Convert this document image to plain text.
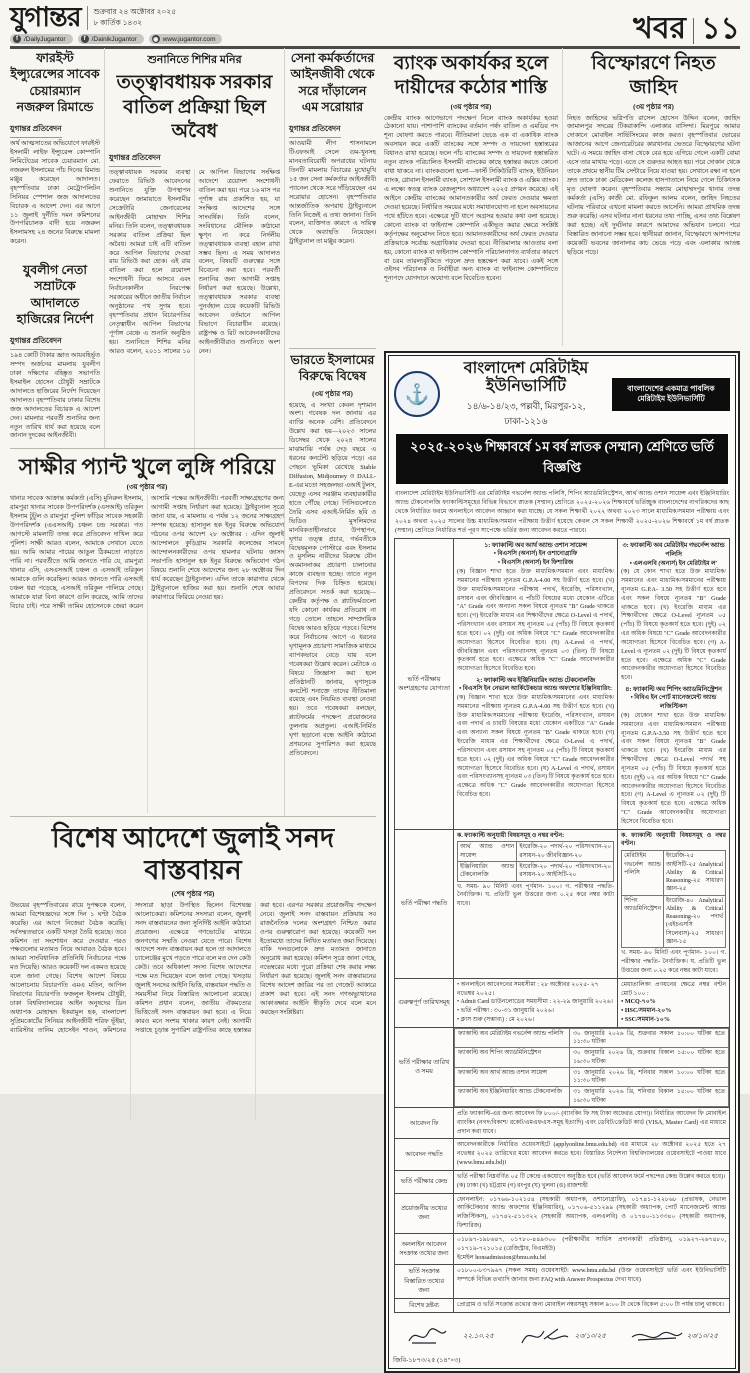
যুগান্তর শুক্রবার ২৪ অক্টোবর ২০২৫
৮ কার্তিক ১৪৩২
f /DailyJugantor	f /DainikJugantor	◉ www.jugantor.com	খবর ১১
ফারইস্ট ইন্স্যুরেন্সের সাবেক চেয়ারম্যান নজরুল রিমান্ডে
যুগান্তর প্রতিবেদন
অর্থ আত্মসাতের অভিযোগে ফারইস্ট ইসলামী লাইফ ইন্স্যুরেন্স কোম্পানি লিমিটেডের সাবেক চেয়ারম্যান মো. নজরুল ইসলামের পাঁচ দিনের রিমান্ড মঞ্জুর করেছেন আদালত। বৃহস্পতিবার ঢাকা মেট্রোপলিটন সিনিয়র স্পেশাল জজ আদালতের বিচারক এ আদেশ দেন। এর আগে ১১ জুলাই দুর্নীতি দমন কমিশনের উপপরিচালক বাদী হয়ে নজরুল ইসলামসহ ২৪ জনের বিরুদ্ধে মামলা করেন।
যুবলীগ নেতা সম্রাটকে আদালতে হাজিরের নির্দেশ
যুগান্তর প্রতিবেদন
১৯৪ কোটি টাকার জ্ঞাত আয়বহির্ভূত সম্পদ অর্জনের মামলায় যুবলীগ ঢাকা দক্ষিণের বহিষ্কৃত সভাপতি ইসমাইল হোসেন চৌধুরী সম্রাটকে আদালতে হাজিরের নির্দেশ দিয়েছেন আদালত। বৃহস্পতিবার ঢাকার বিশেষ জজ আদালতের বিচারক এ আদেশ দেন। মামলার পরবর্তী শুনানির জন্য নতুন তারিখ ধার্য করা হয়েছে বলে জানান দুদকের আইনজীবী।
শুনানিতে শিশির মনির
তত্ত্বাবধায়ক সরকার বাতিল প্রক্রিয়া ছিল অবৈধ
যুগান্তর প্রতিবেদন
তত্ত্বাবধায়ক সরকার ব্যবস্থা ফেরাতে রিভিউ আবেদনের শুনানিতে যুক্তি উপস্থাপন করেছেন জামায়াতে ইসলামীর সেক্রেটারি জেনারেলের আইনজীবী মোহাম্মদ শিশির মনির। তিনি বলেন, তত্ত্বাবধায়ক সরকার বাতিল প্রক্রিয়া ছিল অবৈধ। আমরা চাই এটি বাতিল করে আপিল বিভাগের দেওয়া রায় রিভিউ করা হোক। এই রায় বাতিল করা হলে ত্রয়োদশ সংশোধনী ফিরে আসবে এবং নির্বাচনকালীন নিরপেক্ষ সরকারের অধীনে জাতীয় নির্বাচন অনুষ্ঠানের পথ সুগম হবে। বৃহস্পতিবার প্রধান বিচারপতির নেতৃত্বাধীন আপিল বিভাগের পূর্ণাঙ্গ বেঞ্চে এ শুনানি অনুষ্ঠিত হয়। শুনানিতে শিশির মনির আরও বলেন, ২০১১ সালের ১০ মে আপিল বিভাগের সংক্ষিপ্ত আদেশে ত্রয়োদশ সংশোধনী বাতিল করা হয়। পরে ১৬ মাস পর পূর্ণাঙ্গ রায় প্রকাশিত হয়, যা সংক্ষিপ্ত আদেশের সঙ্গে সাংঘর্ষিক। তিনি বলেন, সংবিধানের মৌলিক কাঠামো ক্ষুণ্ন না করে নির্দলীয় তত্ত্বাবধায়ক ব্যবস্থা বহাল রাখা সম্ভব ছিল। এ সময় আদালত বলেন, বিষয়টি গুরুত্বের সঙ্গে বিবেচনা করা হবে। পরবর্তী শুনানির জন্য আগামী সপ্তাহ নির্ধারণ করা হয়েছে। উল্লেখ্য, তত্ত্বাবধায়ক সরকার ব্যবস্থা পুনর্বহাল চেয়ে কয়েকটি রিভিউ আবেদন বর্তমানে আপিল বিভাগে বিচারাধীন রয়েছে। রাষ্ট্রপক্ষ ও রিট আবেদনকারীদের আইনজীবীরাও শুনানিতে অংশ নেন।
সাক্ষীর প্যান্ট খুলে লুঙ্গি পরিয়ে
(৩য় পৃষ্ঠার পর)
থানার সাবেক আক্রান্ত কর্মকর্তা (এসি) মুনিরুল ইসলাম, রামপুরা থানার সাবেক উপপরিদর্শক (এসআই) তরিকুল ইসলাম টুটুল ও রামপুরা পুলিশ ফাঁড়ির সাবেক সহকারী উপপরিদর্শক (এএসআই) চঞ্চল চন্দ্র সরকার। গত আগস্টে মামলাটি তদন্ত করে প্রতিবেদন দাখিল করে পুলিশ। সাক্ষী আরও বলেন, আমাকে সেখানে যেতে হয়। আমি আমার পায়ের আঙুল ঠিকমতো নাড়াতে পারি না। পরবর্তীতে আমি জানতে পারি যে, রামপুরা থানার এসি, এসএসআই চঞ্চল ও এসআই তরিকুল আমাকে গুলি করেছিল। আরও জানতে পারি এসআই চঞ্চল ধরা পড়েছে, এসআই তরিকুল পালিয়ে গেছে। আমাকে যারা বিনা কারণে গুলি করেছে, আমি তাদের বিচার চাই। পরে সাক্ষী তামিম হোসেনকে জেরা করেন আসামি পক্ষের আইনজীবী। পরবর্তী সাক্ষ্যগ্রহণের জন্য আগামী সপ্তাহ নির্ধারণ করা হয়েছে। ট্রাইব্যুনাল সূত্রে জানা যায়, এ মামলায় এ পর্যন্ত ১২ জনের সাক্ষ্যগ্রহণ সম্পন্ন হয়েছে। হাসানুল হক ইনুর বিরুদ্ধে অভিযোগ গঠনের ওপর আদেশ ২৮ অক্টোবর : এদিন জুলাই আন্দোলনে কুড়িগ্রাম সরকারি কলেজের সামনে আন্দোলনকারীদের ওপর হামলার ঘটনায় জাসদ সভাপতি হাসানুল হক ইনুর বিরুদ্ধে অভিযোগ গঠন বিষয়ে শুনানি শেষে আদেশের জন্য ২৮ অক্টোবর দিন ধার্য করেছেন ট্রাইব্যুনাল। এদিন তাকে কারাগার থেকে ট্রাইব্যুনালে হাজির করা হয়। শুনানি শেষে আবার কারাগারে ফিরিয়ে নেওয়া হয়।
সেনা কর্মকর্তাদের আইনজীবী থেকে সরে দাঁড়ালেন এম সরোয়ার
যুগান্তর প্রতিবেদন
আওয়ামী লীগ শাসনামলে টিএফআই সেলে গুম-খুনসহ মানবতাবিরোধী অপরাধের ঘটনায় তিনটি মামলায় বিচারের মুখোমুখি ১৫ জন সেনা কর্মকর্তার আইনজীবী প্যানেল থেকে সরে দাঁড়িয়েছেন এম সরোয়ার হোসেন। বৃহস্পতিবার আন্তর্জাতিক অপরাধ ট্রাইব্যুনালে তিনি নিজেই এ তথ্য জানান। তিনি বলেন, ব্যক্তিগত কারণে এ দায়িত্ব থেকে অব্যাহতি নিয়েছেন। ট্রাইব্যুনাল তা মঞ্জুর করেন।
ভারতে ইসলামের বিরুদ্ধে বিদ্বেষ
(৩য় পৃষ্ঠার পর)
হয়েছে, এ সংখ্যা কেবল দৃশ্যমান অংশ। গবেষক দল জানায় এর ব্যাপ্তি অনেক বেশি। প্রতিবেদনে উল্লেখ করা হয়—২০২৩ সালের ডিসেম্বর থেকে ২০২৪ সালের মাঝামাঝি পর্যন্ত দেড় বছরে এ ধরনের কনটেন্ট ছড়িয়ে পড়ে। এর পেছনে ভূমিকা রেখেছে Stable Diffusion, Midjourney ও DALL-E-এর মতো সহজলভ্য এআই টুলস, যেহেতু এসব সরঞ্জাম ব্যবহারকারীর হাতে পৌঁছে গেছে। পিসিগুলোতে তৈরি এসব এআই-নির্মিত ছবি ও ভিডিও মুসলিমদের মানবিকতাহীনভাবে উপস্থাপন, ঘৃণার তত্ত্ব প্রচার, গর্ভবতীকে বিদ্বেষমূলক পোস্টারে এবং ইসলাম ও মুসলিম নারীদের বিরুদ্ধে যৌন অবমাননাকর প্রচারণা চালানোর কাজে ব্যবহৃত হচ্ছে। তাতে নতুন বিপদের দিক চিহ্নিত হয়েছে। প্রতিবেদনে সতর্ক করা হয়েছে—কেন্দ্রীয় কর্তৃপক্ষ ও প্ল্যাটফর্মগুলো যদি কোনো কার্যকর প্রতিরোধ না গড়ে তোলে তাহলে সাম্প্রদায়িক বিদ্বেষ আরও ছড়িয়ে পড়বে। বিশেষ করে নির্বাচনের আগে এ ধরনের ঘৃণামূলক প্রচারণা সামাজিক মাধ্যমে ব্যাপকভাবে বেড়ে যায় বলে গবেষকরা উল্লেখ করেন। মেটাকে এ বিষয়ে জিজ্ঞাসা করা হলে প্রতিষ্ঠানটি জানায়, ঘৃণাসূচক কনটেন্ট শনাক্তে তাদের নীতিমালা রয়েছে এবং নিয়মিত ব্যবস্থা নেওয়া হয়। তবে গবেষকরা বলছেন, প্ল্যাটফর্মের পদক্ষেপ প্রয়োজনের তুলনায় অপ্রতুল। এআই-নির্মিত ঘৃণা ছড়ানো বন্ধে আইনি কাঠামো প্রণয়নের সুপারিশও করা হয়েছে প্রতিবেদনে।
বিশেষ আদেশে জুলাই সনদ বাস্তবায়ন
(শেষ পৃষ্ঠার পর)
উভয়ের বৃহস্পতিবারের রায়ে দুপক্ষকে বলেন, আমরা বিশেষজ্ঞদের সঙ্গে দিন ১ ঘণ্টা বৈঠক করেছি। এর আগে নিজেরা বৈঠক করেছি। সর্বসম্মতভাবে একটি খসড়া তৈরি হয়েছে। তবে কমিশন তা সংশোধন করে দেওয়ার পরও পক্ষগুলোর মতামত নিয়ে আবারও বৈঠক হবে। আমরা সাংবিধানিক প্রতিনিধি নির্বাচনের পক্ষে মত দিয়েছি। আরও কয়েকটি দল একমত হয়েছে বলে জানা গেছে। বিশেষ আদেশ বিষয়ে আলোচনায় বিচারপতি এমএ মতিন, আপিল বিভাগের বিচারপতি ফজলুল ইসলাম চৌধুরী, ঢাকা বিশ্ববিদ্যালয়ের আইন অনুষদের ডিন অধ্যাপক মোহাম্মদ ইকরামুল হক, বাংলাদেশ সুপ্রিমকোর্টের সিনিয়র আইনজীবী শরিফ ভূঁইয়া, ব্যারিস্টার তানিম হোসেইন শাওন, কমিশনের সদস্যরা ছাড়া উপস্থিত ছিলেন বিশেষজ্ঞ আলোচকরা। কমিশনের সদস্যরা বলেন, জুলাই সনদ বাস্তবায়নের জন্য সুনির্দিষ্ট আইনি কাঠামো প্রয়োজন। এক্ষেত্রে গণভোটের মাধ্যমে জনগণের সম্মতি নেওয়া যেতে পারে। বিশেষ আদেশে সনদ বাস্তবায়ন করা হলে তা আদালতে চ্যালেঞ্জের মুখে পড়তে পারে বলে মত দেন কেউ কেউ। তবে অধিকাংশ সদস্য বিশেষ আদেশের পক্ষে মত দিয়েছেন বলে জানা গেছে। খসড়ায় জুলাই সনদের আইনি ভিত্তি, বাস্তবায়ন পদ্ধতি ও সময়সীমা নিয়ে বিস্তারিত আলোচনা রয়েছে। কমিশন প্রধান বলেন, জাতীয় ঐকমত্যের ভিত্তিতেই সনদ বাস্তবায়ন করা হবে। এ নিয়ে কারও মনে সংশয় থাকার কারণ নেই। আগামী সপ্তাহে চূড়ান্ত সুপারিশ রাষ্ট্রপতির কাছে হস্তান্তর করা হবে। এরপর সরকার প্রয়োজনীয় পদক্ষেপ নেবে। জুলাই সনদ বাস্তবায়ন প্রক্রিয়ায় সব রাজনৈতিক দলের অংশগ্রহণ নিশ্চিত করার ওপর গুরুত্বারোপ করা হয়েছে। কয়েকটি দল ইতোমধ্যে তাদের লিখিত মতামত জমা দিয়েছে। বাকি দলগুলোকে দ্রুত মতামত জানাতে অনুরোধ করা হয়েছে। কমিশন সূত্রে জানা গেছে, নভেম্বরের মধ্যে পুরো প্রক্রিয়া শেষ করার লক্ষ্য নির্ধারণ করা হয়েছে। জুলাই সনদ বাস্তবায়নের বিশেষ আদেশ জারির পর তা গেজেট আকারে প্রকাশ করা হবে। এই সনদ গণঅভ্যুত্থানের আকাঙ্ক্ষার আইনি স্বীকৃতি দেবে বলে মনে করছেন সংশ্লিষ্টরা।
ব্যাংক অকার্যকর হলে দায়ীদের কঠোর শাস্তি
(৩য় পৃষ্ঠার পর)
কেন্দ্রীয় ব্যাংক আগেভাগে পদক্ষেপ নিলে ব্যাংক অকার্যকর হওয়া ঠেকানো যায়। পাশাপাশি ব্যাংকের বর্তমান পর্ষদ বাতিল ও এমডির পদ শূন্য ঘোষণা করতে পারবে। নীতিমালা ভেঙে এক বা একাধিক ব্যাংক অবসায়ন করে একটি ব্যাংকের সঙ্গে সম্পদ ও দায়দেনা হস্তান্তরের বিধানও রাখা হয়েছে। ফলে পাঁচ ব্যাংকের সম্পদ ও দায়দেনা হস্তান্তরিত নতুন ব্যাংক পরিচালিত ইসলামী ব্যাংকের কাছে হস্তান্তর করতে কোনো বাধা থাকবে না। ব্যাংকগুলো হলো—ফার্স্ট সিকিউরিটি ব্যাংক, ইউনিয়ন ব্যাংক, গ্লোবাল ইসলামী ব্যাংক, সোশ্যাল ইসলামী ব্যাংক ও এক্সিম ব্যাংক। এ লক্ষ্যে স্বতন্ত্র ব্যাংক রেজল্যুশন অধ্যাদেশ ২০২৫ প্রণয়ন করেছে। এই আইনে কেন্দ্রীয় ব্যাংকের আমানতকারীর অর্থ ফেরত দেওয়ার ক্ষমতা দেওয়া হয়েছে। নির্ধারিত সময়ের মধ্যে সমাধানযোগ্য না হলে অবসায়নের পথে হাঁটতে হবে। এক্ষেত্রে দুটি ধাপে অগ্রসর হওয়ার কথা বলা হয়েছে। কোনো ব্যাংক বা ফাইন্যান্স কোম্পানি একীভূত করার ক্ষেত্রে সংশ্লিষ্ট কর্তৃপক্ষের অনুমোদন নিতে হবে। আমানতকারীদের অর্থ ফেরত দেওয়ার প্রক্রিয়াকে সর্বোচ্চ অগ্রাধিকার দেওয়া হবে। নীতিমালার আওতায় বলা হয়, কোনো ব্যাংক বা ফাইন্যান্স কোম্পানি পরিচালনাগত ব্যর্থতার কারণে বা চরম তারল্যঝুঁকিতে পড়লে দ্রুত হস্তক্ষেপ করা যাবে। একই সঙ্গে ওইসব পরিচালক ও নির্বাহীরা অন্য ব্যাংক বা ফাইন্যান্স কোম্পানিতে শূন্যপদে যোগদানে অযোগ্য বলে বিবেচিত হবেন।
বিস্ফোরণে নিহত জাহিদ
(৩য় পৃষ্ঠার পর)
নিহত জাহিদের ভগ্নিপতি রাসেল হোসেন উদ্দিন বলেন, জাহিদ জামালপুর সদরের টিকরাকান্দি এলাকার বাসিন্দা। মিরপুরে আমার দোকানে মোবাইল সার্ভিসিংয়ের কাজ করত। বৃহস্পতিবার ভোরের আজানের আগে জেনারেটরের কারখানার ভেতরে বিস্ফোরণের ঘটনা ঘটে। এ সময়ে জাহিদ বাসা থেকে বের হয়ে এগিয়ে গেলে একটি বোমা এসে তার মাথায় পড়ে। এতে সে গুরুতর আহত হয়। পরে দোকান থেকে তাকে প্রথমে স্থানীয় টিম সেন্টারে নিয়ে যাওয়া হয়। সেখানে রক্ষা না হলে দ্রুত তাকে ঢাকা মেডিকেল কলেজ হাসপাতালে নিয়ে গেলে চিকিৎসক মৃত ঘোষণা করেন। বৃহস্পতিবার সন্ধ্যায় মোহাম্মদপুর থানার তদন্ত কর্মকর্তা (এসি) কাজী মো. রফিকুল আলম বলেন, জাহিদ নিহতের ঘটনায় পরিবারে এখনো মামলা করতে আসেনি। আমরা প্রাথমিক তদন্ত শুরু করেছি। এসব ঘটনার নানা ধরনের তথ্য পাচ্ছি, এসব তথ্য বিশ্লেষণ করা হচ্ছে। এই দুর্ঘটনার কারণে আমাদের অভিযান চলবে। পরে বিস্তারিত জানানো সম্ভব হবে। স্থানীয়রা জানান, বিস্ফোরণে আশপাশের কয়েকটি ভবনের জানালার কাচ ভেঙে পড়ে এবং এলাকায় আতঙ্ক ছড়িয়ে পড়ে।
⚓
বাংলাদেশ মেরিটাইম ইউনিভার্সিটি
১৪/৬-১৪/২৩, পল্লবী, মিরপুর-১২, ঢাকা-১২১৬
বাংলাদেশের একমাত্র পাবলিক মেরিটাইম ইউনিভার্সিটি
২০২৫-২০২৬ শিক্ষাবর্ষে ১ম বর্ষ স্নাতক (সম্মান) শ্রেণিতে ভর্তি বিজ্ঞপ্তি
বাংলাদেশ মেরিটাইম ইউনিভার্সিটি এর মেরিটাইম গভর্নেন্স অ্যান্ড পলিসি, শিপিং অ্যাডমিনিস্ট্রেশন, আর্থ অ্যান্ড ওশান সায়েন্স এবং ইঞ্জিনিয়ারিং অ্যান্ড টেকনোলজি ফ্যাকাল্টিসমূহের বিভিন্ন বিভাগে স্নাতক (সম্মান) শ্রেণিতে ২০২৫-২০২৬ শিক্ষাবর্ষে ভর্তিচ্ছুক বাংলাদেশের নাগরিকদের কাছ থেকে নির্ধারিত ফরমে অনলাইনে আবেদন আহ্বান করা যাচ্ছে। যে সকল শিক্ষার্থী ২০২২ অথবা ২০২৩ সালে মাধ্যমিক/সমমান পরীক্ষায় এবং ২০২৪ অথবা ২০২৫ সালের উচ্চ মাধ্যমিক/সমমান পরীক্ষায় উত্তীর্ণ হয়েছে কেবল সে সকল শিক্ষার্থী ২০২৫-২০২৬ শিক্ষাবর্ষে ১ম বর্ষ স্নাতক (সম্মান) শ্রেণিতে নির্ধারিত শর্ত পূরণ সাপেক্ষে ভর্তির জন্য আবেদন করতে পারবে।
ভর্তি পরীক্ষায় অংশগ্রহণের যোগ্যতা	
১: ফ্যাকাল্টি অব আর্থ অ্যান্ড ওশান সায়েন্স
• বিএসসি (অনার্স) ইন ওশানোগ্রাফি
• বিএসসি (অনার্স) ইন ফিশারিজ
(ক) বিজ্ঞান শাখা হতে উক্ত মাধ্যমিক/সমমান এবং মাধ্যমিক/সমমানের পরীক্ষায় ন্যূনতম G.P.A-4.00 সহ উত্তীর্ণ হতে হবে। (খ) উক্ত মাধ্যমিক/সমমানের পরীক্ষায় পদার্থ, ইংরেজি, পরিসংখ্যান, রসায়ন এবং জীববিজ্ঞান এ পাঁচটি বিষয়ের মধ্যে যেকোন এটিতে "A" Grade এবং অন্যান্য সকল বিষয়ে ন্যূনতম "B" Grade থাকতে হবে। (গ) ইংরেজি মাধ্যম এর শিক্ষার্থীদের ক্ষেত্রে O-Level এ পদার্থ, পরিসংখ্যান এবং রসায়ন সহ ন্যূনতম ০৫ (পাঁচ) টি বিষয়ে কৃতকার্য হতে হবে। ০২ (দুই) এর অধিক বিষয়ে "C" Grade আবেদনকারীর অযোগ্যতা হিসেবে বিবেচিত হবে। (ঘ) A-Level এ পদার্থ, জীববিজ্ঞান এবং পরিসংখ্যানসহ ন্যূনতম ০৩ (তিন) টি বিষয়ে কৃতকার্য হতে হবে। এক্ষেত্রে অধিক "C" Grade আবেদনকারীর অযোগ্যতা হিসেবে বিবেচিত হবে।
২: ফ্যাকাল্টি অব ইঞ্জিনিয়ারিং অ্যান্ড টেকনোলজি
• বিএসসি ইন নেভাল আর্কিটেকচার অ্যান্ড অফশোর ইঞ্জিনিয়ারিং:
(ক) বিজ্ঞান শাখা হতে উক্ত মাধ্যমিক/সমমানের এবং মাধ্যমিক/সমমানের পরীক্ষায় ন্যূনতম G.P.A-4.00 সহ উত্তীর্ণ হতে হবে। (খ) উক্ত মাধ্যমিক/সমমানের পরীক্ষায় ইংরেজি, পরিসংখ্যান, রসায়ন এবং পদার্থ এ চারটি বিষয়ের মধ্যে যেকোন একটিতে "A" Grade এবং অন্যান্য সকল বিষয়ে ন্যূনতম "B" Grade থাকতে হবে। (গ) ইংরেজি মাধ্যম এর শিক্ষার্থীদের ক্ষেত্রে O-Level এ পদার্থ, পরিসংখ্যান এবং রসায়ন সহ ন্যূনতম ০৫ (পাঁচ) টি বিষয়ে কৃতকার্য হতে হবে। ০২ (দুই) এর অধিক বিষয়ে "C" Grade আবেদনকারীর অযোগ্যতা হিসেবে বিবেচিত হবে। (ঘ) A-Level এ পদার্থ, রসায়ন এবং পরিসংখ্যানসহ ন্যূনতম ০৩ (তিন) টি বিষয়ে কৃতকার্য হতে হবে। এক্ষেত্রে অধিক "C" Grade আবেদনকারীর অযোগ্যতা হিসেবে বিবেচিত হবে।

৩: ফ্যাকাল্টি অব মেরিটাইম গভর্নেন্স অ্যান্ড পলিসি
• এলএলবি (অনার্স) ইন মেরিটাইম ল'
(ক) যে কোন শাখা হতে উক্ত মাধ্যমিক/সমমানের এবং মাধ্যমিক/সমমানের পরীক্ষায় ন্যূনতম G.P.A- 3.50 সহ উত্তীর্ণ হতে হবে এবং সকল বিষয়ে ন্যূনতম "B" Grade থাকতে হবে। (খ) ইংরেজি মাধ্যম এর শিক্ষার্থীদের ক্ষেত্রে O-Level ন্যূনতম ০৫ (পাঁচ) টি বিষয়ে কৃতকার্য হতে হবে। (দুই) ০২ এর অধিক বিষয়ে "C" Grade আবেদনকারীর অযোগ্যতা হিসেবে বিবেচিত হবে। (গ) A-Level এ ন্যূনতম ০২ (দুই) টি বিষয়ে কৃতকার্য হতে হবে। এক্ষেত্রে অধিক "C" Grade আবেদনকারীর অযোগ্যতা হিসেবে বিবেচিত হবে।
৪: ফ্যাকাল্টি অব শিপিং অ্যাডমিনিস্ট্রেশন
• বিবিএ ইন পোর্ট ম্যানেজমেন্ট অ্যান্ড লজিস্টিকস
(ক) যেকোন শাখা হতে উক্ত মাধ্যমিক/সমমানের এবং মাধ্যমিক/সমমান পরীক্ষায় ন্যূনতম G.P.A-3.50 সহ উত্তীর্ণ হতে হবে এবং সকল বিষয়ে ন্যূনতম "B" Grade থাকতে হবে। (খ) ইংরেজি মাধ্যম এর শিক্ষার্থীদের ক্ষেত্রে O-Level পদার্থ সহ ন্যূনতম ০৫ (পাঁচ) টি বিষয়ে কৃতকার্য হতে হবে। (দুই) ০২ এর অধিক বিষয়ে "C" Grade আবেদনকারীর অযোগ্যতা হিসেবে বিবেচিত হবে। (গ) A-Level এ ন্যূনতম ০২ (দুই) টি বিষয়ে কৃতকার্য হতে হবে। এক্ষেত্রে অধিক "C" Grade আবেদনকারীর অযোগ্যতা হিসেবে বিবেচিত হবে।

ভর্তি পরীক্ষা পদ্ধতি	
ক. ফ্যাকাল্টি অনুযায়ী বিষয়সমূহ ও নম্বর বণ্টন:
আর্থ অ্যান্ড ওশান সায়েন্স	ইংরেজি-২০ পদার্থ-২০ পরিসংখ্যান-২০ রসায়ন-২০ জীববিজ্ঞান-২০
ইঞ্জিনিয়ারিং অ্যান্ড টেকনোলজি	ইংরেজি-২০ পদার্থ-২০ পরিসংখ্যান-২০ রসায়ন-২০ আইসিটি-২০
খ. সময়- ৯০ মিনিট এবং পূর্ণমান- ১০০। গ. পরীক্ষার পদ্ধতি-নৈর্ব্যক্তিক। ঘ. প্রতিটি ভুল উত্তরের জন্য ০.২৫ করে নম্বর কাটা যাবে।

ক. ফ্যাকাল্টি অনুযায়ী বিষয়সমূহ ও নম্বর বণ্টন।
মেরিটাইম গভর্নেন্স অ্যান্ড পলিসি	ইংরেজি-২৫ আইসিটি-২৫ Analytical Ability & Critical Reasoning-২৫ সাধারণ জ্ঞান-২৫
শিপিং অ্যাডমিনিস্ট্রেশন	ইংরেজি-৪০ Analytical Ability & Critical Reasoning-২০ পদার্থ (এইচএসসি সিলেবাস)-২৫ সাধারণ জ্ঞান-১৫
খ. সময়- ৯০ মিনিট এবং পূর্ণমান- ১০০। গ. পরীক্ষার পদ্ধতি- নৈর্ব্যক্তিক। ঘ. প্রতিটি ভুল উত্তরের জন্য ০.২৫ করে নম্বর কাটা যাবে।

গুরুত্বপূর্ণ তারিখসমূহ	
• অনলাইনে আবেদনের সময়সীমা : ২৮ অক্টোবর ২০২৫- ২৭ নভেম্বর ২০২৫।
• Admit Card ডাউনলোডের সময়সীমা : ২২-২৯ জানুয়ারি ২০২৬।
• ভর্তি পরীক্ষা : ৩০-৩১ জানুয়ারি ২০২৬।
• ক্লাস শুরু (সম্ভাব্য) : মে ২০২৬।

মেধাতালিকা প্রণয়নের ক্ষেত্রে নম্বর বণ্টন মোট ১০০ :
• MCQ-৭০%
• HSC/সমমান-২০%
• SSC/সমমান-১০%

ভর্তি পরীক্ষার তারিখ ও সময়	
ফ্যাকাল্টি অব মেরিটাইম গভর্নেন্স অ্যান্ড পলিসি	৩০ জানুয়ারি ২০২৬ খ্রি, শুক্রবার সকাল ১০:০০ ঘটিকা হতে ১১:৩০ ঘটিকা
ফ্যাকাল্টি অব শিপিং অ্যাডমিনিস্ট্রেশন	৩০ জানুয়ারি ২০২৬ খ্রি, শুক্রবার বিকাল ১৫:০০ ঘটিকা হতে ১৬:৩০ ঘটিকা
ফ্যাকাল্টি অব আর্থ অ্যান্ড ওশান সায়েন্স	৩১ জানুয়ারি ২০২৬ খ্রি, শনিবার সকাল ১০:০০ ঘটিকা হতে ১১:৩০ ঘটিকা
ফ্যাকাল্টি অব ইঞ্জিনিয়ারিং অ্যান্ড টেকনোলজি	৩১ জানুয়ারি ২০২৬ খ্রি, শনিবার বিকাল ১৫:০০ ঘটিকা হতে ১৬:৩০ ঘটিকা

আবেদন ফি	প্রতি ফ্যাকাল্টি-এর জন্য আবেদন ফি ৮০০/- (ব্যাংকিং ফি সহ টাকা অফেরত যোগ্য)। নির্ধারিত আবেদন ফি মোবাইল ব্যাংকিং (নগদ/বিকাশ/ রকেট/এমএফএস-সমূহ ইত্যাদি) এবং ডেবিট/ক্রেডিট কার্ড (VISA, Master Card) এর মাধ্যমে প্রদান করা যাবে।
আবেদন পদ্ধতি	আবেদনকারীকে নির্ধারিত ওয়েবসাইটে (applyonline.bmu.edu.bd) এর মাধ্যমে ২৮ অক্টোবর ২০২৫ হতে ২৭ নভেম্বর ২০২৫ তারিখের মধ্যে আবেদন করতে হবে। বিস্তারিত নির্দেশনা বিশ্ববিদ্যালয়ের ওয়েবসাইটে পাওয়া যাবে (www.bmu.edu.bd)।
ভর্তি পরীক্ষার কেন্দ্র	
ভর্তি পরীক্ষা নিম্নবর্ণিত ০৫ টি কেন্দ্রে একযোগে অনুষ্ঠিত হবে (ভর্তি আবেদন ফর্মে পছন্দের কেন্দ্র উল্লেখ করতে হবে)।
(ক) ঢাকা (খ) চট্টগ্রাম (গ) রংপুর (ঘ) খুলনা (ঙ) রাজশাহী

প্রয়োজনীয় তথ্যের জন্য	ফোনলাইন: ০১৭৬৬-১০২১৫৪ (সহকারী অধ্যাপক, ওশানোগ্রাফি), ০১৭৪১-১২২৮৬৮ (প্রভাষক, নেভাল আর্কিটেকচার অ্যান্ড অফশোর ইঞ্জিনিয়ারিং), ০১৭০৬-৫১১২৯৯ (সহকারী অধ্যাপক, পোর্ট ম্যানেজমেন্ট অ্যান্ড লজিস্টিকস), ০১৭৪২-৫১১৩২২ (সহকারী অধ্যাপক, এলএলবি) ও ০১৭৪০-১১৩৩৪০ (সহকারী অধ্যাপক, ফিশারিজ)
অনলাইন আবেদন সংক্রান্ত তথ্যের জন্য	
০১৮৯৭-১৯৮৬৪৭, ০১৭৮০-৪৪৯৩০০ (পরীক্ষার্থীর সার্ভিস প্রদানকারী প্রতিষ্ঠান), ০১৯২৭-২৬৭৪৮০, ০১৭১৯-৭২১০১৫ (রেজিস্ট্রার, বিএমইউ)
ইমেইল honsadmission@bmu.edu.bd

ভর্তি সংক্রান্ত বিস্তারিত তথ্যের জন্য	০১৮০০-৮৩৭৯৬৭ (সকল সময়) ওয়েবসাইট: www.bmu.edu.bd (উক্ত ওয়েবসাইটে ভর্তি এবং ইউনিভার্সিটি সম্পর্কে বিভিন্ন তথ্যাদি জানার জন্য FAQ with Answer Prospectus দেখা যাবে)
বিশেষ দ্রষ্টব্য	প্রোগ্রাম ও ভর্তি সংক্রান্ত তথ্যের জন্য মোবাইল নম্বরসমূহ সকাল ৯:০০ টা থেকে বিকেল ৫:০০ টা পর্যন্ত চালু থাকবে।
২২.১০.২৫	২৩/১০/২৫	২৩/১০/২৫
জিবি-১৮৭৩/২৫ (১৪"×৩)
